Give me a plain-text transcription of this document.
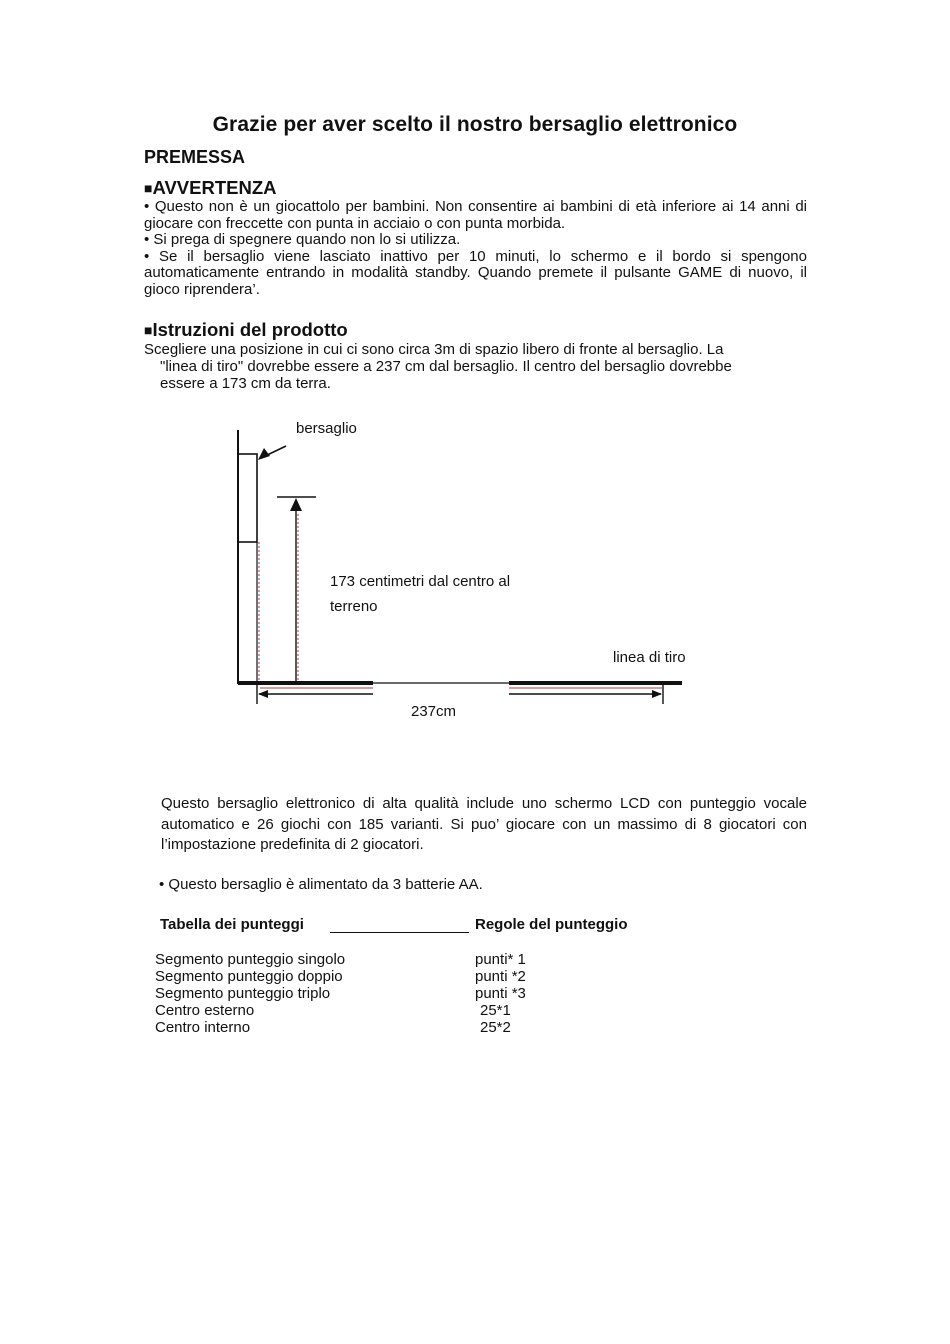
Grazie per aver scelto il nostro bersaglio elettronico
PREMESSA
■AVVERTENZA

• Questo non è un giocattolo per bambini. Non consentire ai bambini di età inferiore ai 14 anni di giocare con freccette con punta in acciaio o con punta morbida.

• Si prega di spegnere quando non lo si utilizza.

• Se il bersaglio viene lasciato inattivo per 10 minuti, lo schermo e il bordo si spengono automaticamente entrando in modalità standby. Quando premete il pulsante GAME di nuovo, il gioco riprendera’.

■Istruzioni del prodotto
Scegliere una posizione in cui ci sono circa 3m di spazio libero di fronte al bersaglio. La
"linea di tiro" dovrebbe essere a 237 cm dal bersaglio. Il centro del bersaglio dovrebbe
essere a 173 cm da terra.
bersaglio
173 centimetri dal centro al
terreno
linea di tiro
237cm
Questo bersaglio elettronico di alta qualità include uno schermo LCD con punteggio vocale automatico e 26 giochi con 185 varianti. Si puo’ giocare con un massimo di 8 giocatori con l’impostazione predefinita di 2 giocatori.
• Questo bersaglio è alimentato da 3 batterie AA.
Tabella dei punteggi	Regole del punteggio
Segmento punteggio singolo	punti* 1
Segmento punteggio doppio	punti *2
Segmento punteggio triplo	punti *3
Centro esterno	25*1
Centro interno	25*2
